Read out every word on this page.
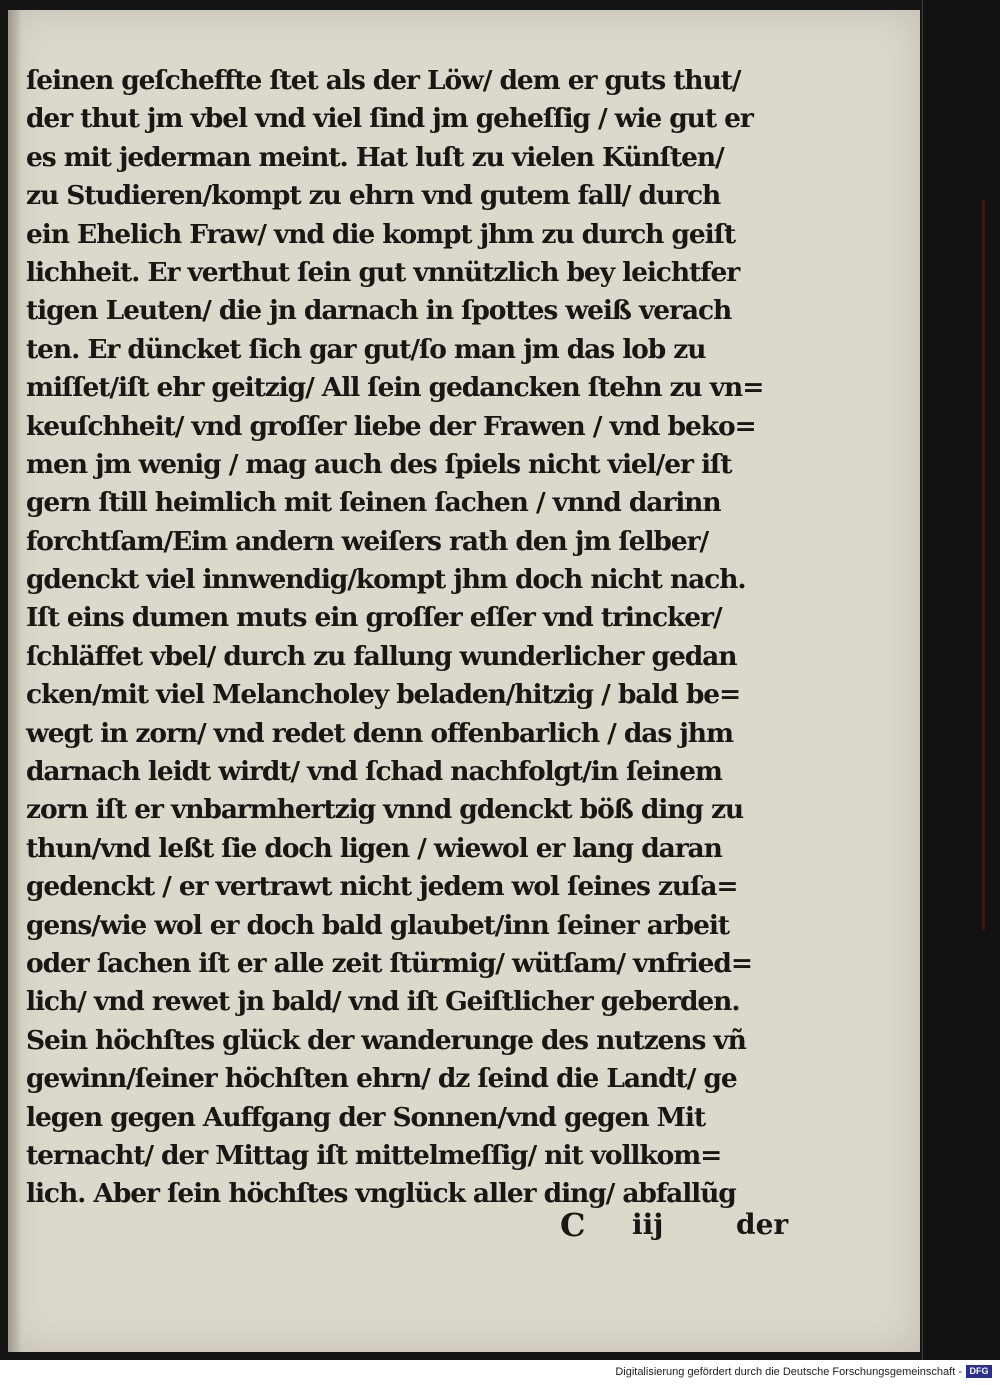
ſeinen geſcheffte ſtet als der Löw/ dem er guts thut/
der thut jm vbel vnd viel ſind jm geheſſig / wie gut er
es mit jederman meint. Hat luſt zu vielen Künſten/
zu Studieren/kompt zu ehrn vnd gutem fall/ durch
ein Ehelich Fraw/ vnd die kompt jhm zu durch geiſt
lichheit. Er verthut ſein gut vnnützlich bey leichtfer
tigen Leuten/ die jn darnach in ſpottes weiß verach
ten. Er düncket ſich gar gut/ſo man jm das lob zu
miſſet/iſt ehr geitzig/ All ſein gedancken ſtehn zu vn=
keuſchheit/ vnd groſſer liebe der Frawen / vnd beko=
men jm wenig / mag auch des ſpiels nicht viel/er iſt
gern ſtill heimlich mit ſeinen ſachen / vnnd darinn
forchtſam/Eim andern weiſers rath den jm ſelber/
gdenckt viel innwendig/kompt jhm doch nicht nach.
Iſt eins dumen muts ein groſſer eſſer vnd trincker/
ſchläffet vbel/ durch zu fallung wunderlicher gedan
cken/mit viel Melancholey beladen/hitzig / bald be=
wegt in zorn/ vnd redet denn offenbarlich / das jhm
darnach leidt wirdt/ vnd ſchad nachfolgt/in ſeinem
zorn iſt er vnbarmhertzig vnnd gdenckt böß ding zu
thun/vnd leßt ſie doch ligen / wiewol er lang daran
gedenckt / er vertrawt nicht jedem wol ſeines zuſa=
gens/wie wol er doch bald glaubet/inn ſeiner arbeit
oder ſachen iſt er alle zeit ſtürmig/ wütſam/ vnfried=
lich/ vnd rewet jn bald/ vnd iſt Geiſtlicher geberden.
Sein höchſtes glück der wanderunge des nutzens vñ
gewinn/ſeiner höchſten ehrn/ dz ſeind die Landt/ ge
legen gegen Auffgang der Sonnen/vnd gegen Mit
ternacht/ der Mittag iſt mittelmeſſig/ nit vollkom=
lich. Aber ſein höchſtes vnglück aller ding/ abfallũg
C iij	der
Digitalisierung gefördert durch die Deutsche Forschungsgemeinschaft - DFG
